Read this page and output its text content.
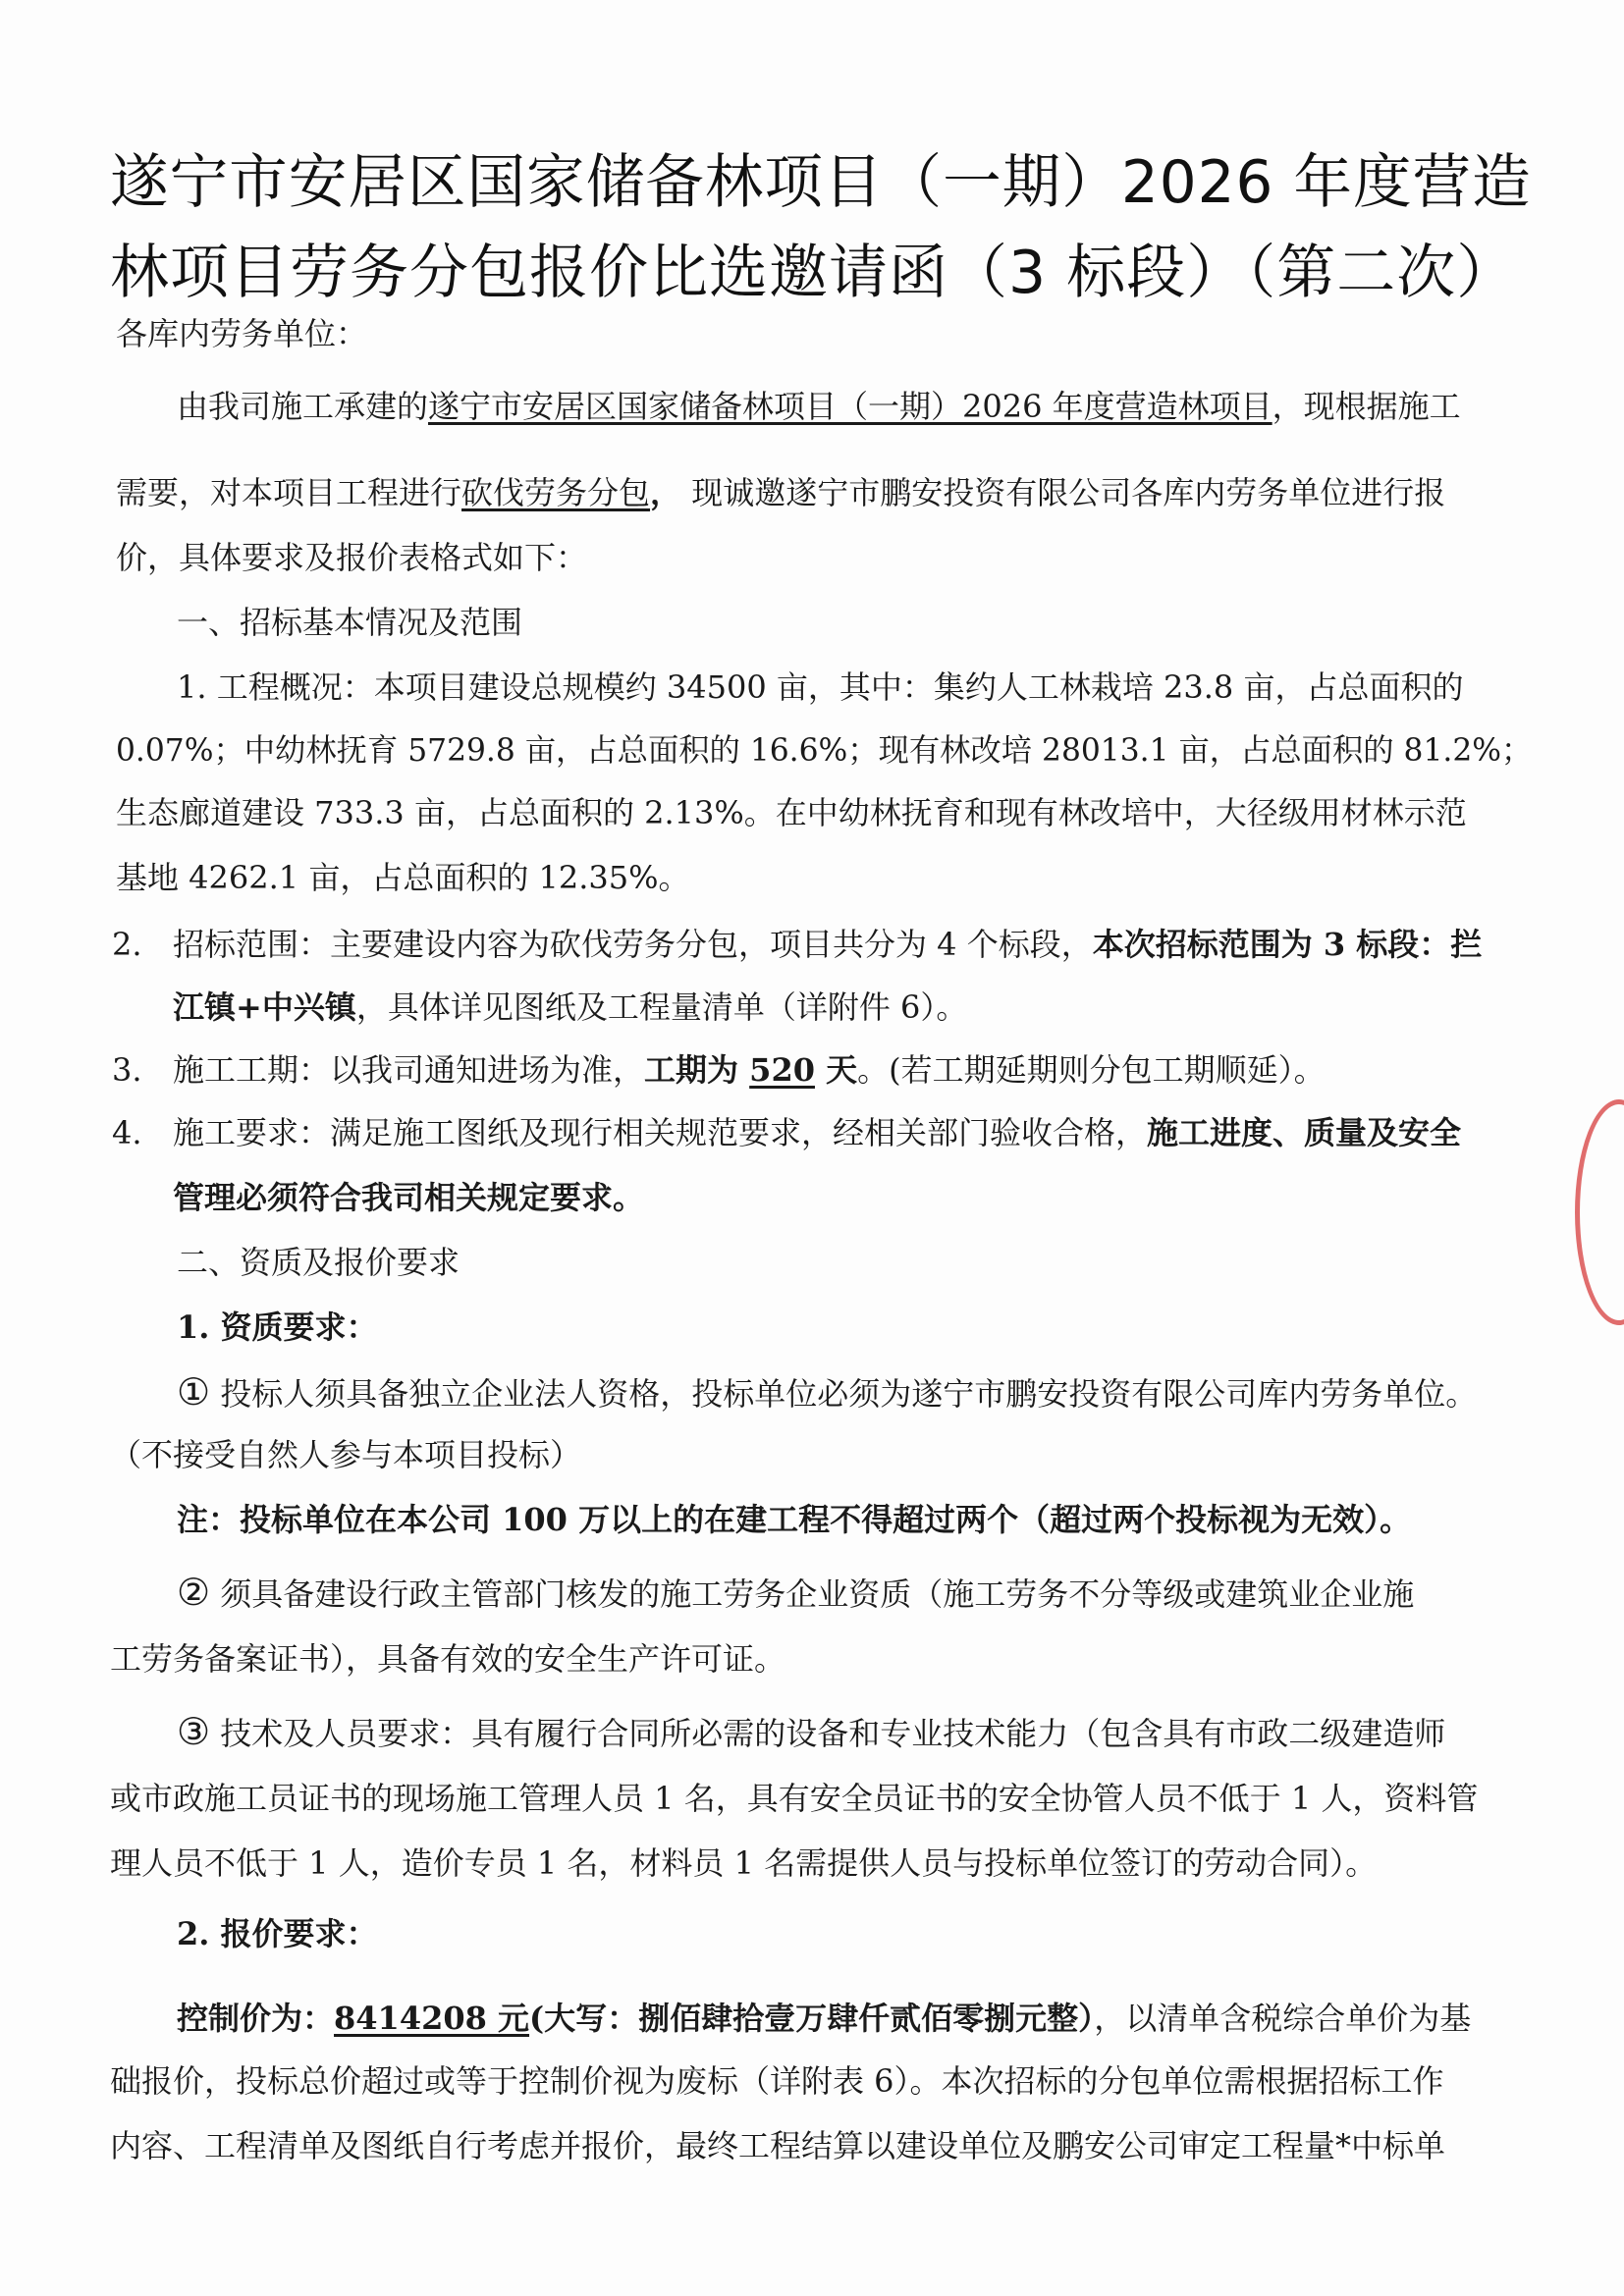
遂宁市安居区国家储备林项目（一期）2026 年度营造
林项目劳务分包报价比选邀请函（3 标段）（第二次）
各库内劳务单位：
由我司施工承建的遂宁市安居区国家储备林项目（一期）2026 年度营造林项目，现根据施工
需要，对本项目工程进行砍伐劳务分包， 现诚邀遂宁市鹏安投资有限公司各库内劳务单位进行报
价，具体要求及报价表格式如下：
一、招标基本情况及范围
1. 工程概况：本项目建设总规模约 34500 亩，其中：集约人工林栽培 23.8 亩，占总面积的
0.07%；中幼林抚育 5729.8 亩，占总面积的 16.6%；现有林改培 28013.1 亩，占总面积的 81.2%；
生态廊道建设 733.3 亩，占总面积的 2.13%。在中幼林抚育和现有林改培中，大径级用材林示范
基地 4262.1 亩，占总面积的 12.35%。
2. 招标范围：主要建设内容为砍伐劳务分包，项目共分为 4 个标段，本次招标范围为 3 标段：拦
江镇+中兴镇，具体详见图纸及工程量清单（详附件 6）。
3. 施工工期：以我司通知进场为准，工期为 520 天。(若工期延期则分包工期顺延）。
4. 施工要求：满足施工图纸及现行相关规范要求，经相关部门验收合格，施工进度、质量及安全
管理必须符合我司相关规定要求。
二、资质及报价要求
1. 资质要求：
① 投标人须具备独立企业法人资格，投标单位必须为遂宁市鹏安投资有限公司库内劳务单位。
（不接受自然人参与本项目投标）
注：投标单位在本公司 100 万以上的在建工程不得超过两个（超过两个投标视为无效）。
② 须具备建设行政主管部门核发的施工劳务企业资质（施工劳务不分等级或建筑业企业施
工劳务备案证书），具备有效的安全生产许可证。
③ 技术及人员要求：具有履行合同所必需的设备和专业技术能力（包含具有市政二级建造师
或市政施工员证书的现场施工管理人员 1 名，具有安全员证书的安全协管人员不低于 1 人，资料管
理人员不低于 1 人，造价专员 1 名，材料员 1 名需提供人员与投标单位签订的劳动合同）。
2. 报价要求：
控制价为：8414208 元(大写：捌佰肆拾壹万肆仟贰佰零捌元整），以清单含税综合单价为基
础报价，投标总价超过或等于控制价视为废标（详附表 6）。本次招标的分包单位需根据招标工作
内容、工程清单及图纸自行考虑并报价，最终工程结算以建设单位及鹏安公司审定工程量*中标单
